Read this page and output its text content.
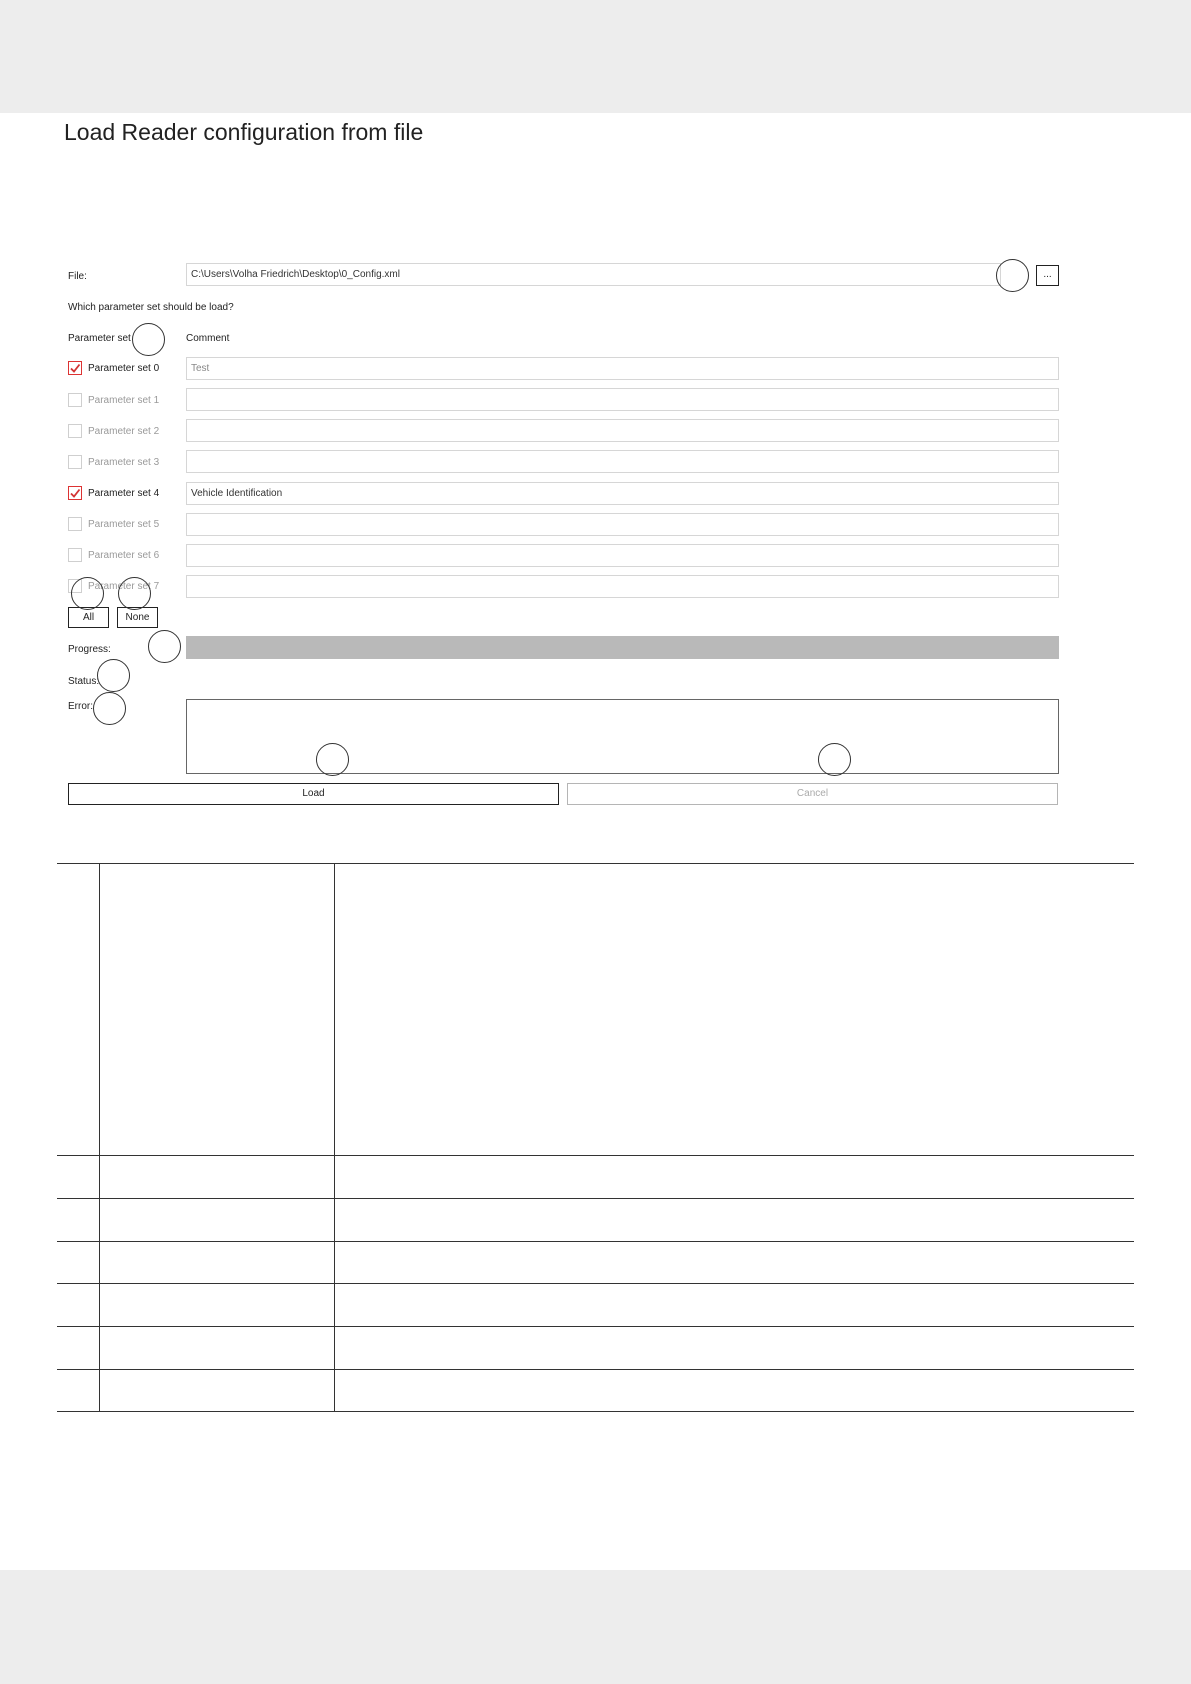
Load Reader configuration from file
File:	C:\Users\Volha Friedrich\Desktop\0_Config.xml	...
Which parameter set should be load?
Parameter set	Comment
Parameter set 0	Test
Parameter set 1
Parameter set 2
Parameter set 3
Parameter set 4	Vehicle Identification
Parameter set 5
Parameter set 6
Parameter set 7
All	None
Progress:
Status:
Error:
Load	Cancel
